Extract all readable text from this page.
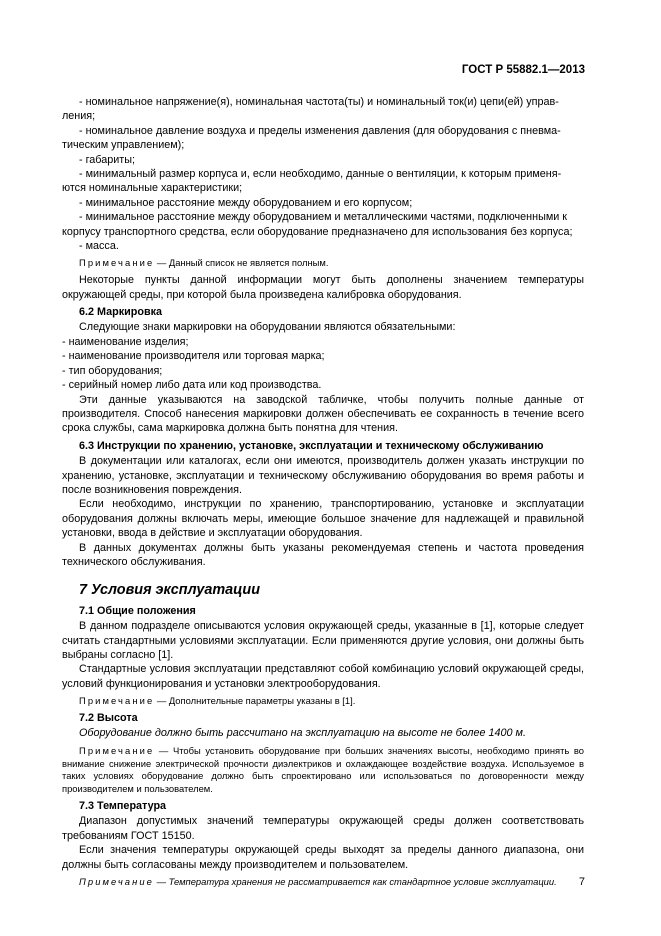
ГОСТ Р 55882.1—2013

- номинальное напряжение(я), номинальная частота(ты) и номинальный ток(и) цепи(ей) управ-

ления;

- номинальное давление воздуха и пределы изменения давления (для оборудования с пневма-

тическим управлением);

- габариты;

- минимальный размер корпуса и, если необходимо, данные о вентиляции, к которым применя-

ются номинальные характеристики;

- минимальное расстояние между оборудованием и его корпусом;

- минимальное расстояние между оборудованием и металлическими частями, подключенными к

корпусу транспортного средства, если оборудование предназначено для использования без корпуса;

- масса.

Примечание — Данный список не является полным.

Некоторые пункты данной информации могут быть дополнены значением температуры окружающей среды, при которой была произведена калибровка оборудования.

6.2 Маркировка

Следующие знаки маркировки на оборудовании являются обязательными:

- наименование изделия;

- наименование производителя или торговая марка;

- тип оборудования;

- серийный номер либо дата или код производства.

Эти данные указываются на заводской табличке, чтобы получить полные данные от производителя. Способ нанесения маркировки должен обеспечивать ее сохранность в течение всего срока службы, сама маркировка должна быть понятна для чтения.

6.3 Инструкции по хранению, установке, эксплуатации и техническому обслуживанию

В документации или каталогах, если они имеются, производитель должен указать инструкции по хранению, установке, эксплуатации и техническому обслуживанию оборудования во время работы и после возникновения повреждения.

Если необходимо, инструкции по хранению, транспортированию, установке и эксплуатации оборудования должны включать меры, имеющие большое значение для надлежащей и правильной установки, ввода в действие и эксплуатации оборудования.

В данных документах должны быть указаны рекомендуемая степень и частота проведения технического обслуживания.

7 Условия эксплуатации

7.1 Общие положения

В данном подразделе описываются условия окружающей среды, указанные в [1], которые следует считать стандартными условиями эксплуатации. Если применяются другие условия, они должны быть выбраны согласно [1].

Стандартные условия эксплуатации представляют собой комбинацию условий окружающей среды, условий функционирования и установки электрооборудования.

Примечание — Дополнительные параметры указаны в [1].

7.2 Высота

Оборудование должно быть рассчитано на эксплуатацию на высоте не более 1400 м.

Примечание — Чтобы установить оборудование при больших значениях высоты, необходимо принять во внимание снижение электрической прочности диэлектриков и охлаждающее воздействие воздуха. Используемое в таких условиях оборудование должно быть спроектировано или использоваться по договоренности между производителем и пользователем.

7.3 Температура

Диапазон допустимых значений температуры окружающей среды должен соответствовать требованиям ГОСТ 15150.

Если значения температуры окружающей среды выходят за пределы данного диапазона, они должны быть согласованы между производителем и пользователем.

Примечание — Температура хранения не рассматривается как стандартное условие эксплуатации.	7
